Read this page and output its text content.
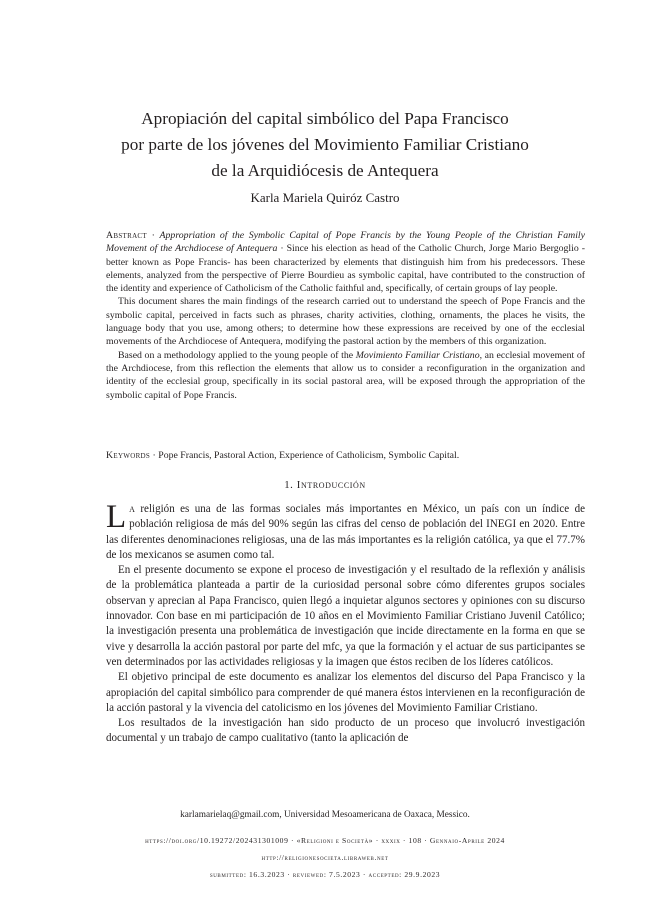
Apropiación del capital simbólico del Papa Francisco
por parte de los jóvenes del Movimiento Familiar Cristiano
de la Arquidiócesis de Antequera
Karla Mariela Quiróz Castro

Abstract · Appropriation of the Symbolic Capital of Pope Francis by the Young People of the Christian Family Movement of the Archdiocese of Antequera · Since his election as head of the Catholic Church, Jorge Mario Bergoglio -better known as Pope Francis- has been characterized by elements that distinguish him from his predecessors. These elements, analyzed from the perspective of Pierre Bourdieu as symbolic capital, have contributed to the construction of the identity and experience of Catholicism of the Catholic faithful and, specifically, of certain groups of lay people.

This document shares the main findings of the research carried out to understand the speech of Pope Francis and the symbolic capital, perceived in facts such as phrases, charity activities, clothing, ornaments, the places he visits, the language body that you use, among others; to determine how these expressions are received by one of the ecclesial movements of the Archdiocese of Antequera, modifying the pastoral action by the members of this organization.

Based on a methodology applied to the young people of the Movimiento Familiar Cristiano, an ecclesial movement of the Archdiocese, from this reflection the elements that allow us to consider a reconfiguration in the organization and identity of the ecclesial group, specifically in its social pastoral area, will be exposed through the appropriation of the symbolic capital of Pope Francis.

Keywords · Pope Francis, Pastoral Action, Experience of Catholicism, Symbolic Capital.
1. Introducción

La religión es una de las formas sociales más importantes en México, un país con un índice de población religiosa de más del 90% según las cifras del censo de población del INEGI en 2020. Entre las diferentes denominaciones religiosas, una de las más importantes es la religión católica, ya que el 77.7% de los mexicanos se asumen como tal.

En el presente documento se expone el proceso de investigación y el resultado de la reflexión y análisis de la problemática planteada a partir de la curiosidad personal sobre cómo diferentes grupos sociales observan y aprecian al Papa Francisco, quien llegó a inquietar algunos sectores y opiniones con su discurso innovador. Con base en mi participación de 10 años en el Movimiento Familiar Cristiano Juvenil Católico; la investigación presenta una problemática de investigación que incide directamente en la forma en que se vive y desarrolla la acción pastoral por parte del mfc, ya que la formación y el actuar de sus participantes se ven determinados por las actividades religiosas y la imagen que éstos reciben de los líderes católicos.

El objetivo principal de este documento es analizar los elementos del discurso del Papa Francisco y la apropiación del capital simbólico para comprender de qué manera éstos intervienen en la reconfiguración de la acción pastoral y la vivencia del catolicismo en los jóvenes del Movimiento Familiar Cristiano.

Los resultados de la investigación han sido producto de un proceso que involucró investigación documental y un trabajo de campo cualitativo (tanto la aplicación de

karlamarielaq@gmail.com, Universidad Mesoamericana de Oaxaca, Messico.
https://doi.org/10.19272/202431301009 · «Religioni e Società» · xxxix · 108 · Gennaio-Aprile 2024
http://religionesocieta.libraweb.net
submitted: 16.3.2023 · reviewed: 7.5.2023 · accepted: 29.9.2023
